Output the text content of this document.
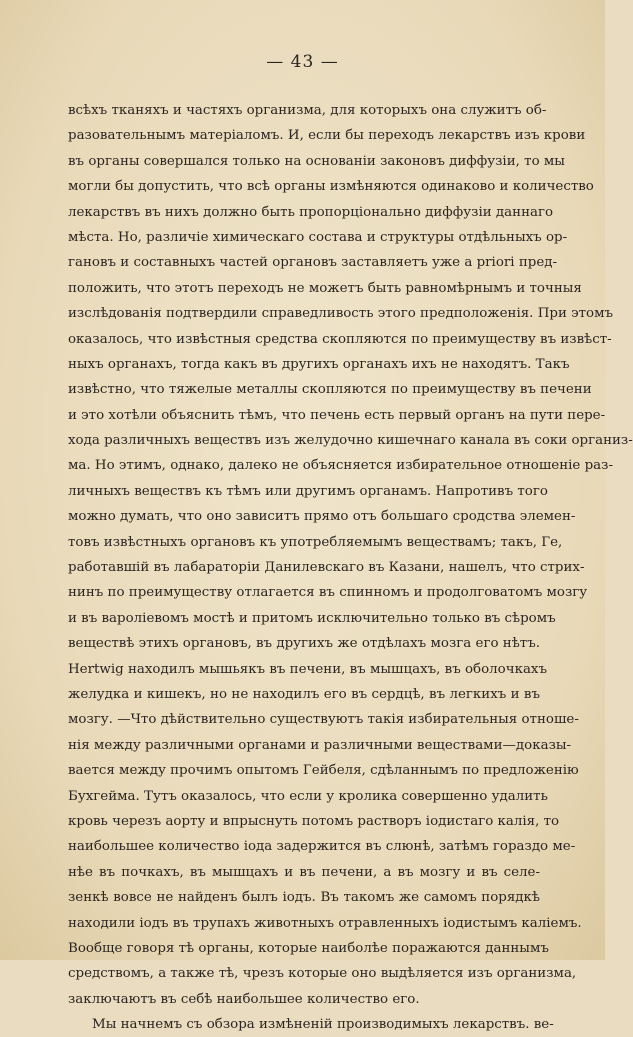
— 43 —
всѣхъ тканяхъ и частяхъ организма, для которыхъ она служитъ об-
разовательнымъ матеріаломъ. И, если бы переходъ лекарствъ изъ крови
въ органы совершался только на основаніи законовъ диффузіи, то мы
могли бы допустить, что всѣ органы измѣняются одинаково и количество
лекарствъ въ нихъ должно быть пропорціонально диффузіи даннаго
мѣста. Но, различіе химическаго состава и структуры отдѣльныхъ ор-
гановъ и составныхъ частей органовъ заставляетъ уже a priori пред-
положить, что этотъ переходъ не можетъ быть равномѣрнымъ и точныя
изслѣдованія подтвердили справедливость этого предположенія. При этомъ
оказалось, что извѣстныя средства скопляются по преимуществу въ извѣст-
ныхъ органахъ, тогда какъ въ другихъ органахъ ихъ не находятъ. Такъ
извѣстно, что тяжелые металлы скопляются по преимуществу въ печени
и это хотѣли объяснить тѣмъ, что печень есть первый органъ на пути пере-
хода различныхъ веществъ изъ желудочно кишечнаго канала въ соки организ-
ма. Но этимъ, однако, далеко не объясняется избирательное отношеніе раз-
личныхъ веществъ къ тѣмъ или другимъ органамъ. Напротивъ того
можно думать, что оно зависитъ прямо отъ большаго сродства элемен-
товъ извѣстныхъ органовъ къ употребляемымъ веществамъ; такъ, Ге,
работавшій въ лабараторіи Данилевскаго въ Казани, нашелъ, что стрих-
нинъ по преимуществу отлагается въ спинномъ и продолговатомъ мозгу
и въ вароліевомъ мостѣ и притомъ исключительно только въ сѣромъ
веществѣ этихъ органовъ, въ другихъ же отдѣлахъ мозга его нѣтъ.
Hertwig находилъ мышьякъ въ печени, въ мышцахъ, въ оболочкахъ
желудка и кишекъ, но не находилъ его въ сердцѣ, въ легкихъ и въ
мозгу. —Что дѣйствительно существуютъ такія избирательныя отноше-
нія между различными органами и различными веществами—доказы-
вается между прочимъ опытомъ Гейбеля, сдѣланнымъ по предложенію
Бухгейма. Тутъ оказалось, что если у кролика совершенно удалить
кровь черезъ аорту и впрыснуть потомъ растворъ іодистаго калія, то
наибольшее количество іода задержится въ слюнѣ, затѣмъ гораздо ме-
нѣе въ почкахъ, въ мышцахъ и въ печени, а въ мозгу и въ селе-
зенкѣ вовсе не найденъ былъ іодъ. Въ такомъ же самомъ порядкѣ
находили іодъ въ трупахъ животныхъ отравленныхъ іодистымъ каліемъ.
Вообще говоря тѣ органы, которые наиболѣе поражаются даннымъ
средствомъ, а также тѣ, чрезъ которые оно выдѣляется изъ организма,
заключаютъ въ себѣ наибольшее количество его.
Мы начнемъ съ обзора измѣненій производимыхъ лекарствъ. ве-
